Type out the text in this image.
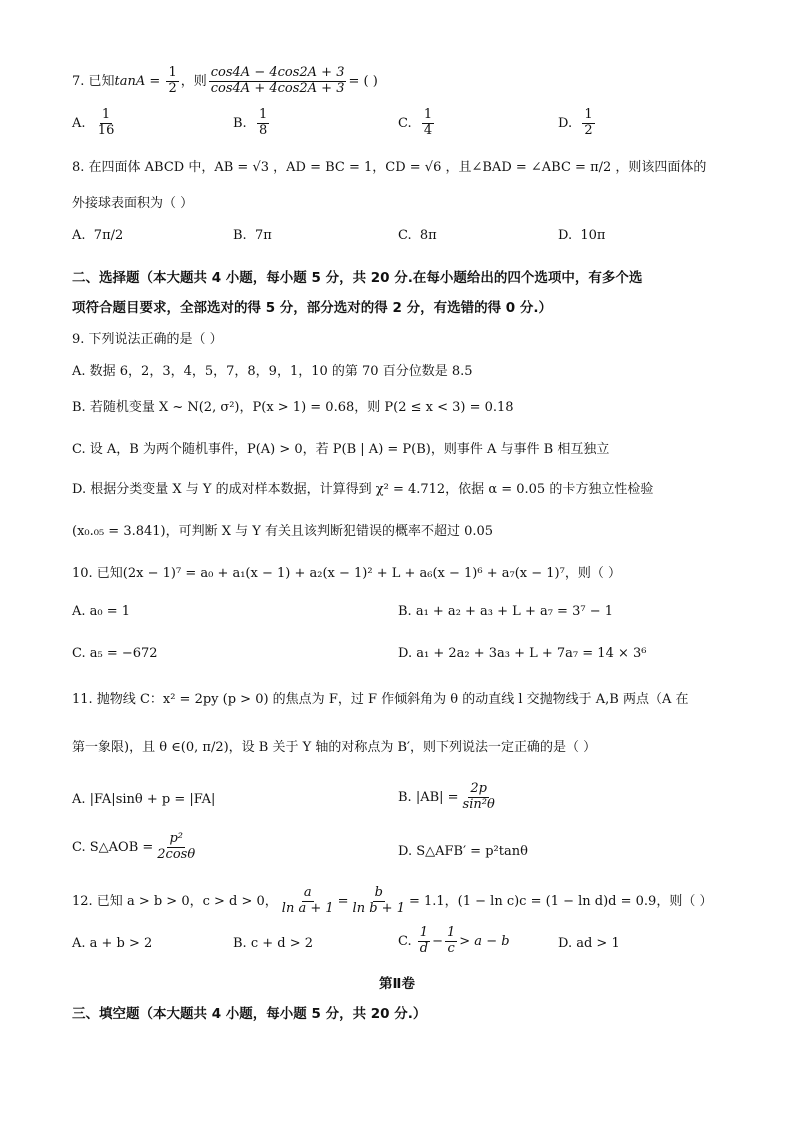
7. 已知$\tan A = \frac{1}{2}$ ，则 $\frac{\cos 4A - 4\cos 2A + 3}{\cos 4A + 4\cos 2A + 3}$ = ( )
A. $\frac{1}{16}$	B. $\frac{1}{8}$	C. $\frac{1}{4}$	D. $\frac{1}{2}$
8. 在四面体 ABCD 中，AB = √3 ，AD = BC = 1，CD = √6 ，且∠BAD = ∠ABC = π/2 ，则该四面体的
外接球表面积为（ ）
A. 7π/2	B. 7π	C. 8π	D. 10π
二、选择题（本大题共 4 小题，每小题 5 分，共 20 分.在每小题给出的四个选项中，有多个选
项符合题目要求，全部选对的得 5 分，部分选对的得 2 分，有选错的得 0 分.）
9. 下列说法正确的是（ ）
A. 数据 6，2，3，4，5，7，8，9，1，10 的第 70 百分位数是 8.5
B. 若随机变量 X ~ N(2, σ²)，P(x > 1) = 0.68，则 P(2 ≤ x < 3) = 0.18
C. 设 A，B 为两个随机事件，P(A) > 0，若 P(B | A) = P(B)，则事件 A 与事件 B 相互独立
D. 根据分类变量 X 与 Y 的成对样本数据，计算得到 χ² = 4.712，依据 α = 0.05 的卡方独立性检验
(x₀.₀₅ = 3.841)，可判断 X 与 Y 有关且该判断犯错误的概率不超过 0.05
10. 已知(2x − 1)⁷ = a₀ + a₁(x − 1) + a₂(x − 1)² + L + a₆(x − 1)⁶ + a₇(x − 1)⁷，则（ ）
A. a₀ = 1	B. a₁ + a₂ + a₃ + L + a₇ = 3⁷ − 1
C. a₅ = −672	D. a₁ + 2a₂ + 3a₃ + L + 7a₇ = 14 × 3⁶
11. 抛物线 C：x² = 2py (p > 0) 的焦点为 F，过 F 作倾斜角为 θ 的动直线 l 交抛物线于 A,B 两点（A 在
第一象限)，且 θ ∈(0, π/2)，设 B 关于 Y 轴的对称点为 B′，则下列说法一定正确的是（ ）
A. |FA|sinθ + p = |FA|	B. $|AB| = \frac{2p}{\text{sin²θ}}$
C. S△AOB = $\frac{\text{p²}}{2\cos\theta}$	D. S△AFB′ = p²tanθ
12. 已知 a > b > 0，c > d > 0， $\frac{a}{\text{ln a + 1}} = \frac{b}{\text{ln b + 1}} = 1.1$，(1 − ln c)c = (1 − ln d)d = 0.9，则（ ）
A. a + b > 2	B. c + d > 2	C. $\frac{1}{d} - \frac{1}{c} > a - b$	D. ad > 1
第Ⅱ卷
三、填空题（本大题共 4 小题，每小题 5 分，共 20 分.）
